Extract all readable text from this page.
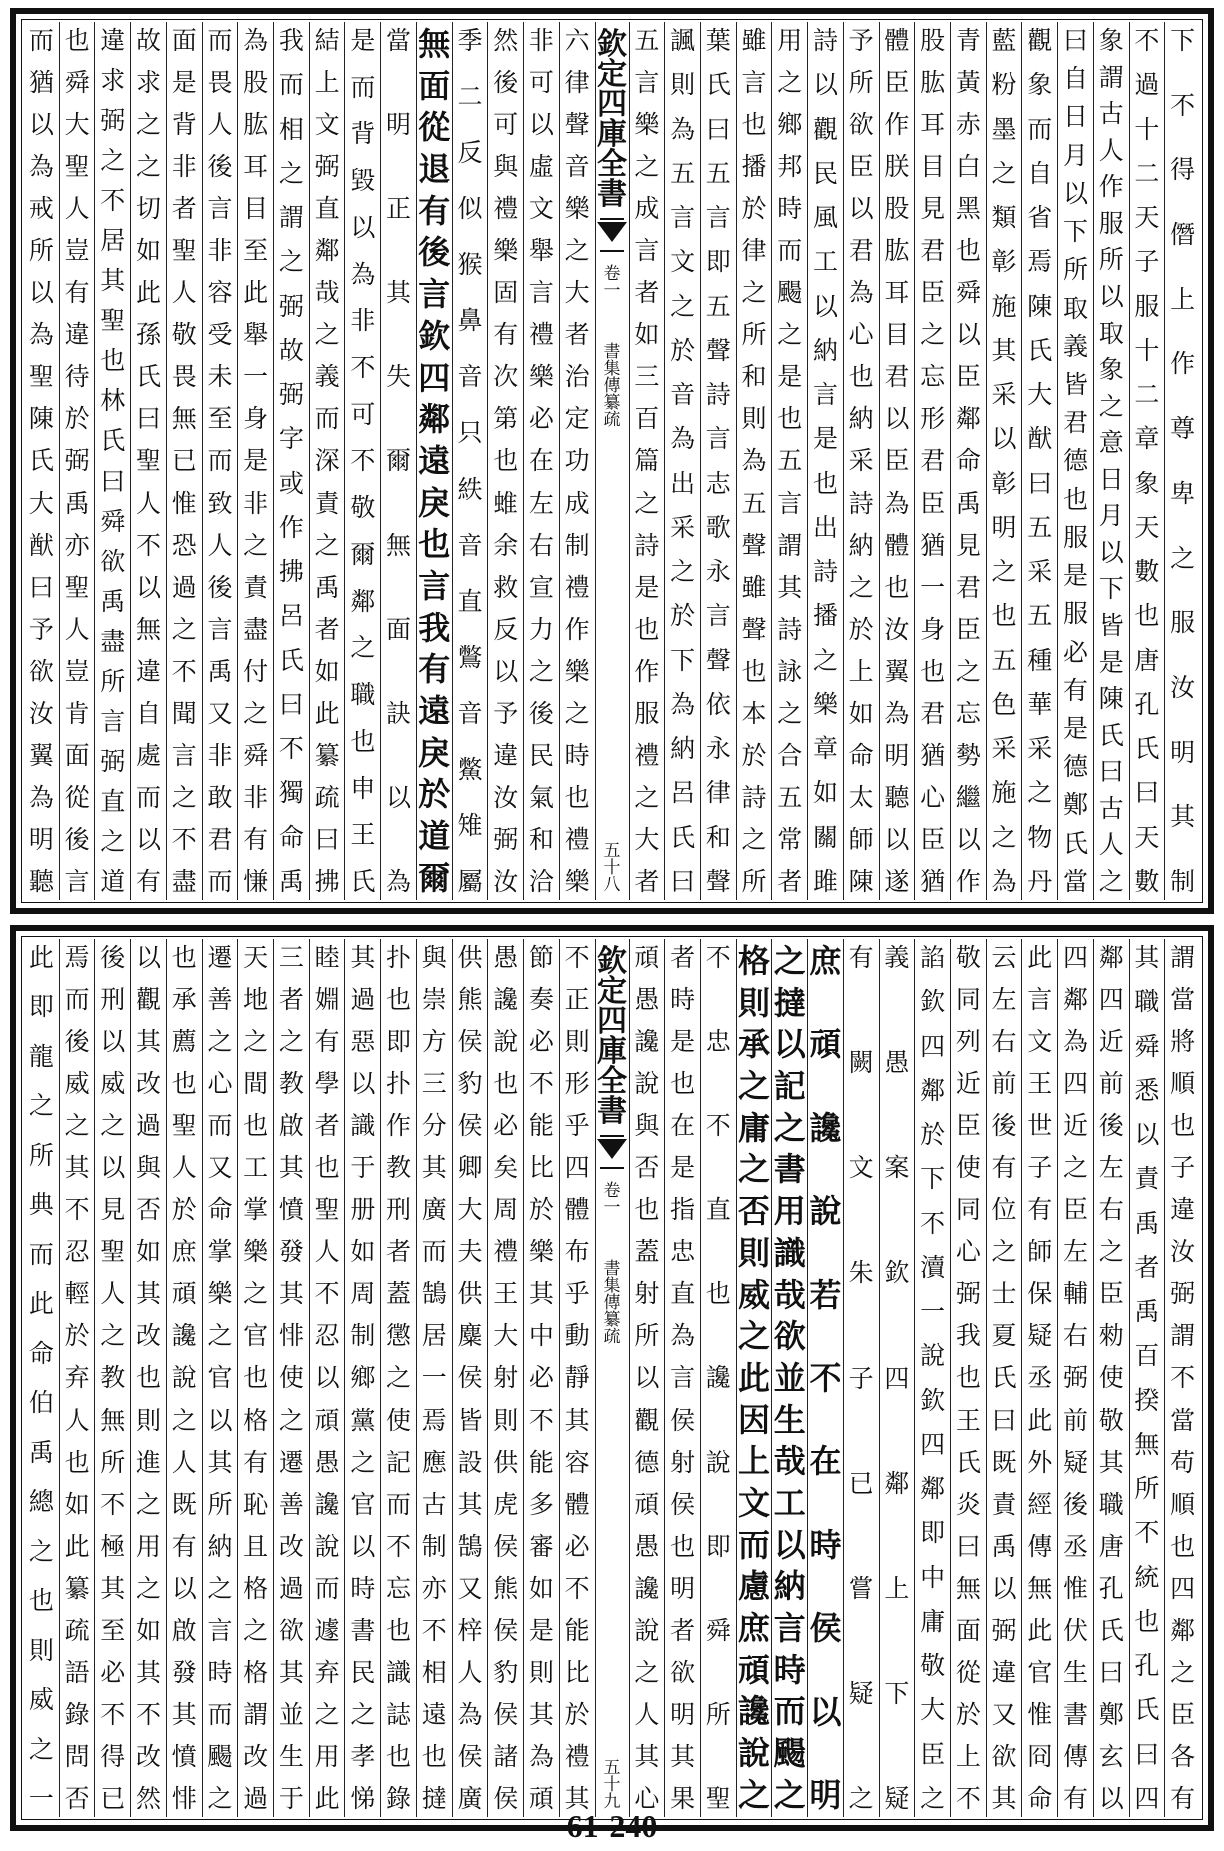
下
不
得
僭
上
作
尊
卑
之
服
汝
明
其
制
不
過
十
二
天
子
服
十
二
章
象
天
數
也
唐
孔
氏
曰
天
數
象
謂
古
人
作
服
所
以
取
象
之
意
日
月
以
下
皆
是
陳
氏
曰
古
人
之
曰
自
日
月
以
下
所
取
義
皆
君
德
也
服
是
服
必
有
是
德
鄭
氏
當
觀
象
而
自
省
焉
陳
氏
大
猷
曰
五
采
五
種
華
采
之
物
丹
藍
粉
墨
之
類
彰
施
其
采
以
彰
明
之
也
五
色
采
施
之
為
青
黃
赤
白
黑
也
舜
以
臣
鄰
命
禹
見
君
臣
之
忘
勢
繼
以
作
股
肱
耳
目
見
君
臣
之
忘
形
君
臣
猶
一
身
也
君
猶
心
臣
猶
體
臣
作
朕
股
肱
耳
目
君
以
臣
為
體
也
汝
翼
為
明
聽
以
遂
予
所
欲
臣
以
君
為
心
也
納
采
詩
納
之
於
上
如
命
太
師
陳
詩
以
觀
民
風
工
以
納
言
是
也
出
詩
播
之
樂
章
如
關
雎
用
之
鄉
邦
時
而
颺
之
是
也
五
言
謂
其
詩
詠
之
合
五
常
者
雖
言
也
播
於
律
之
所
和
則
為
五
聲
雖
聲
也
本
於
詩
之
所
葉
氏
曰
五
言
即
五
聲
詩
言
志
歌
永
言
聲
依
永
律
和
聲
諷
則
為
五
言
文
之
於
音
為
出
采
之
於
下
為
納
呂
氏
曰
五
言
樂
之
成
言
者
如
三
百
篇
之
詩
是
也
作
服
禮
之
大
者
欽定四庫全書
卷一
書集傳纂疏
五十八
六
律
聲
音
樂
之
大
者
治
定
功
成
制
禮
作
樂
之
時
也
禮
樂
非
可
以
虛
文
舉
言
禮
樂
必
在
左
右
宣
力
之
後
民
氣
和
洽
然
後
可
與
禮
樂
固
有
次
第
也
蜼
余
救
反
以
予
違
汝
弼
汝
季
二
反
似
猴
鼻
音
只
紩
音
直
鷩
音
鱉
雉
屬
無
面
從
退
有
後
言
欽
四
鄰
遠
戾
也
言
我
有
遠
戾
於
道
爾
當
明
正
其
失
爾
無
面
訣
以
為
是
而
背
毀
以
為
非
不
可
不
敬
爾
鄰
之
職
也
申
王
氏
結
上
文
弼
直
鄰
哉
之
義
而
深
責
之
禹
者
如
此
纂
疏
曰
拂
我
而
相
之
謂
之
弼
故
弼
字
或
作
拂
呂
氏
曰
不
獨
命
禹
為
股
肱
耳
目
至
此
舉
一
身
是
非
之
責
盡
付
之
舜
非
有
慊
而
畏
人
後
言
非
容
受
未
至
而
致
人
後
言
禹
又
非
敢
君
而
面
是
背
非
者
聖
人
敬
畏
無
已
惟
恐
過
之
不
聞
言
之
不
盡
故
求
之
之
切
如
此
孫
氏
曰
聖
人
不
以
無
違
自
處
而
以
有
違
求
弼
之
不
居
其
聖
也
林
氏
曰
舜
欲
禹
盡
所
言
弼
直
之
道
也
舜
大
聖
人
豈
有
違
待
於
弼
禹
亦
聖
人
豈
肯
面
從
後
言
而
猶
以
為
戒
所
以
為
聖
陳
氏
大
猷
曰
予
欲
汝
翼
為
明
聽
謂
當
將
順
也
子
違
汝
弼
謂
不
當
苟
順
也
四
鄰
之
臣
各
有
其
職
舜
悉
以
責
禹
者
禹
百
揆
無
所
不
統
也
孔
氏
曰
四
鄰
四
近
前
後
左
右
之
臣
勑
使
敬
其
職
唐
孔
氏
曰
鄭
玄
以
四
鄰
為
四
近
之
臣
左
輔
右
弼
前
疑
後
丞
惟
伏
生
書
傳
有
此
言
文
王
世
子
有
師
保
疑
丞
此
外
經
傳
無
此
官
惟
冏
命
云
左
右
前
後
有
位
之
士
夏
氏
曰
既
責
禹
以
弼
違
又
欲
其
敬
同
列
近
臣
使
同
心
弼
我
也
王
氏
炎
曰
無
面
從
於
上
不
諂
欽
四
鄰
於
下
不
瀆
一
說
欽
四
鄰
即
中
庸
敬
大
臣
之
義
愚
案
欽
四
鄰
上
下
疑
有
闕
文
朱
子
已
嘗
疑
之
庶
頑
讒
說
若
不
在
時
侯
以
明
之
撻
以
記
之
書
用
識
哉
欲
並
生
哉
工
以
納
言
時
而
颺
之
格
則
承
之
庸
之
否
則
威
之
此
因
上
文
而
慮
庶
頑
讒
說
之
不
忠
不
直
也
讒
說
即
舜
所
聖
者
時
是
也
在
是
指
忠
直
為
言
侯
射
侯
也
明
者
欲
明
其
果
頑
愚
讒
說
與
否
也
蓋
射
所
以
觀
德
頑
愚
讒
說
之
人
其
心
欽定四庫全書
卷一
書集傳纂疏
五十九
不
正
則
形
乎
四
體
布
乎
動
靜
其
容
體
必
不
能
比
於
禮
其
節
奏
必
不
能
比
於
樂
其
中
必
不
能
多
審
如
是
則
其
為
頑
愚
讒
說
也
必
矣
周
禮
王
大
射
則
供
虎
侯
熊
侯
豹
侯
諸
侯
供
熊
侯
豹
侯
卿
大
夫
供
麋
侯
皆
設
其
鵠
又
梓
人
為
侯
廣
與
崇
方
三
分
其
廣
而
鵠
居
一
焉
應
古
制
亦
不
相
遠
也
撻
扑
也
即
扑
作
教
刑
者
蓋
懲
之
使
記
而
不
忘
也
識
誌
也
錄
其
過
惡
以
識
于
册
如
周
制
鄉
黨
之
官
以
時
書
民
之
孝
悌
睦
婣
有
學
者
也
聖
人
不
忍
以
頑
愚
讒
說
而
遽
弃
之
用
此
三
者
之
教
啟
其
憤
發
其
悱
使
之
遷
善
改
過
欲
其
並
生
于
天
地
之
間
也
工
掌
樂
之
官
也
格
有
恥
且
格
之
格
謂
改
過
遷
善
之
心
而
又
命
掌
樂
之
官
以
其
所
納
之
言
時
而
颺
之
也
承
薦
也
聖
人
於
庶
頑
讒
說
之
人
既
有
以
啟
發
其
憤
悱
以
觀
其
改
過
與
否
如
其
改
也
則
進
之
用
之
如
其
不
改
然
後
刑
以
威
之
以
見
聖
人
之
教
無
所
不
極
其
至
必
不
得
已
焉
而
後
威
之
其
不
忍
輕
於
弃
人
也
如
此
纂
疏
語
錄
問
否
此
即
龍
之
所
典
而
此
命
伯
禹
總
之
也
則
威
之
一
61-240
